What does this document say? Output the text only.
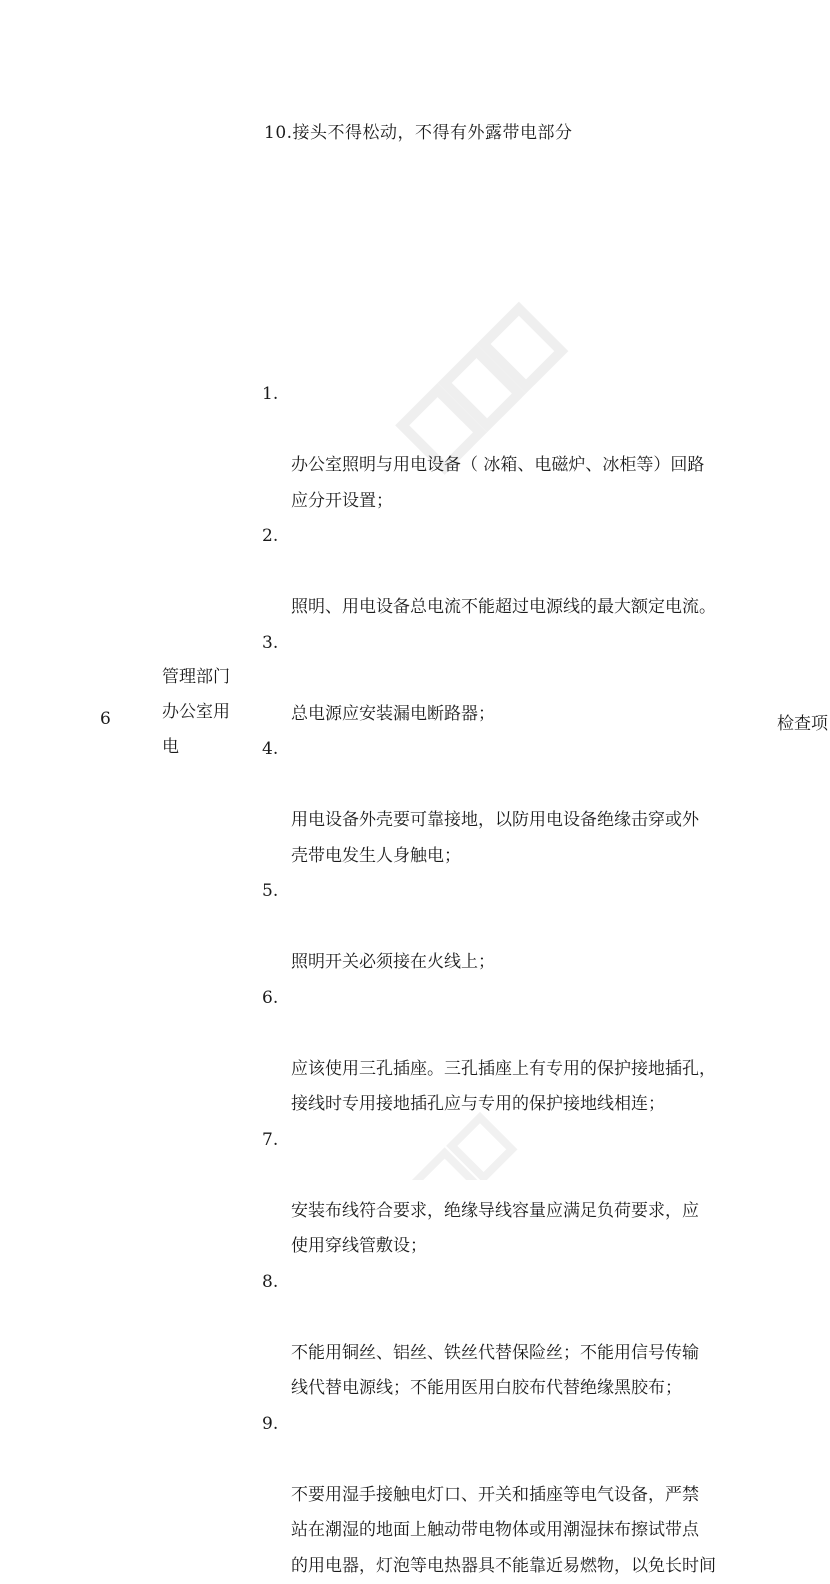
10.接头不得松动，不得有外露带电部分
6
管理部门
办公室用
电

1.

办公室照明与用电设备（ 冰箱、电磁炉、冰柜等）回路
应分开设置；

2.

照明、用电设备总电流不能超过电源线的最大额定电流。

3.

总电源应安装漏电断路器；

4.

用电设备外壳要可靠接地，以防用电设备绝缘击穿或外
壳带电发生人身触电；

5.

照明开关必须接在火线上；

6.

应该使用三孔插座。三孔插座上有专用的保护接地插孔，
接线时专用接地插孔应与专用的保护接地线相连；

7.

安装布线符合要求，绝缘导线容量应满足负荷要求，应
使用穿线管敷设；

8.

不能用铜丝、铝丝、铁丝代替保险丝；不能用信号传输
线代替电源线；不能用医用白胶布代替绝缘黑胶布；

9.

不要用湿手接触电灯口、开关和插座等电气设备，严禁
站在潮湿的地面上触动带电物体或用潮湿抹布擦试带点
的用电器，灯泡等电热器具不能靠近易燃物，以免长时间

检查项
